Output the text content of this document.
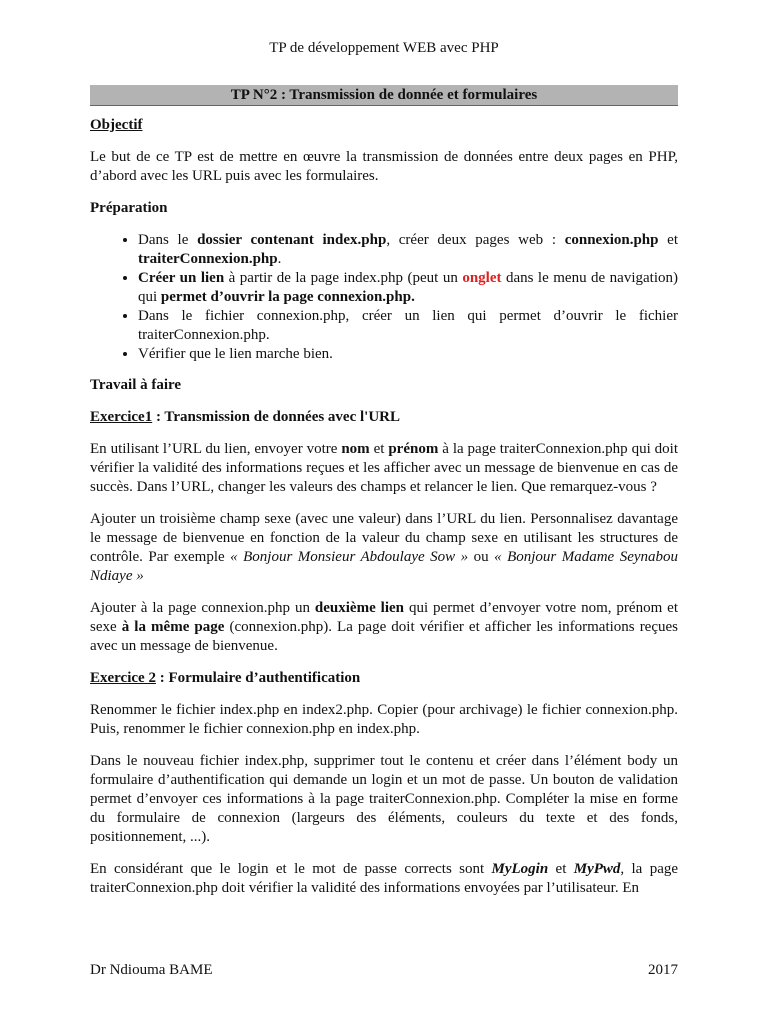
TP de développement WEB avec PHP
TP N°2 : Transmission de donnée et formulaires
Objectif

Le but de ce TP est de mettre en œuvre la transmission de données entre deux pages en PHP, d’abord avec les URL puis avec les formulaires.

Préparation
• Dans le dossier contenant index.php, créer deux pages web : connexion.php et traiterConnexion.php.
• Créer un lien à partir de la page index.php (peut un onglet dans le menu de navigation) qui permet d’ouvrir la page connexion.php.
• Dans le fichier connexion.php, créer un lien qui permet d’ouvrir le fichier traiterConnexion.php.
• Vérifier que le lien marche bien.
Travail à faire
Exercice1 : Transmission de données avec l'URL

En utilisant l’URL du lien, envoyer votre nom et prénom à la page traiterConnexion.php qui doit vérifier la validité des informations reçues et les afficher avec un message de bienvenue en cas de succès. Dans l’URL, changer les valeurs des champs et relancer le lien. Que remarquez-vous ?

Ajouter un troisième champ sexe (avec une valeur) dans l’URL du lien. Personnalisez davantage le message de bienvenue en fonction de la valeur du champ sexe en utilisant les structures de contrôle. Par exemple « Bonjour Monsieur Abdoulaye Sow » ou « Bonjour Madame Seynabou Ndiaye »

Ajouter à la page connexion.php un deuxième lien qui permet d’envoyer votre nom, prénom et sexe à la même page (connexion.php). La page doit vérifier et afficher les informations reçues avec un message de bienvenue.

Exercice 2 : Formulaire d’authentification

Renommer le fichier index.php en index2.php. Copier (pour archivage) le fichier connexion.php. Puis, renommer le fichier connexion.php en index.php.

Dans le nouveau fichier index.php, supprimer tout le contenu et créer dans l’élément body un formulaire d’authentification qui demande un login et un mot de passe. Un bouton de validation permet d’envoyer ces informations à la page traiterConnexion.php. Compléter la mise en forme du formulaire de connexion (largeurs des éléments, couleurs du texte et des fonds, positionnement, ...).

En considérant que le login et le mot de passe corrects sont MyLogin et MyPwd, la page traiterConnexion.php doit vérifier la validité des informations envoyées par l’utilisateur. En

Dr Ndiouma BAME	2017
